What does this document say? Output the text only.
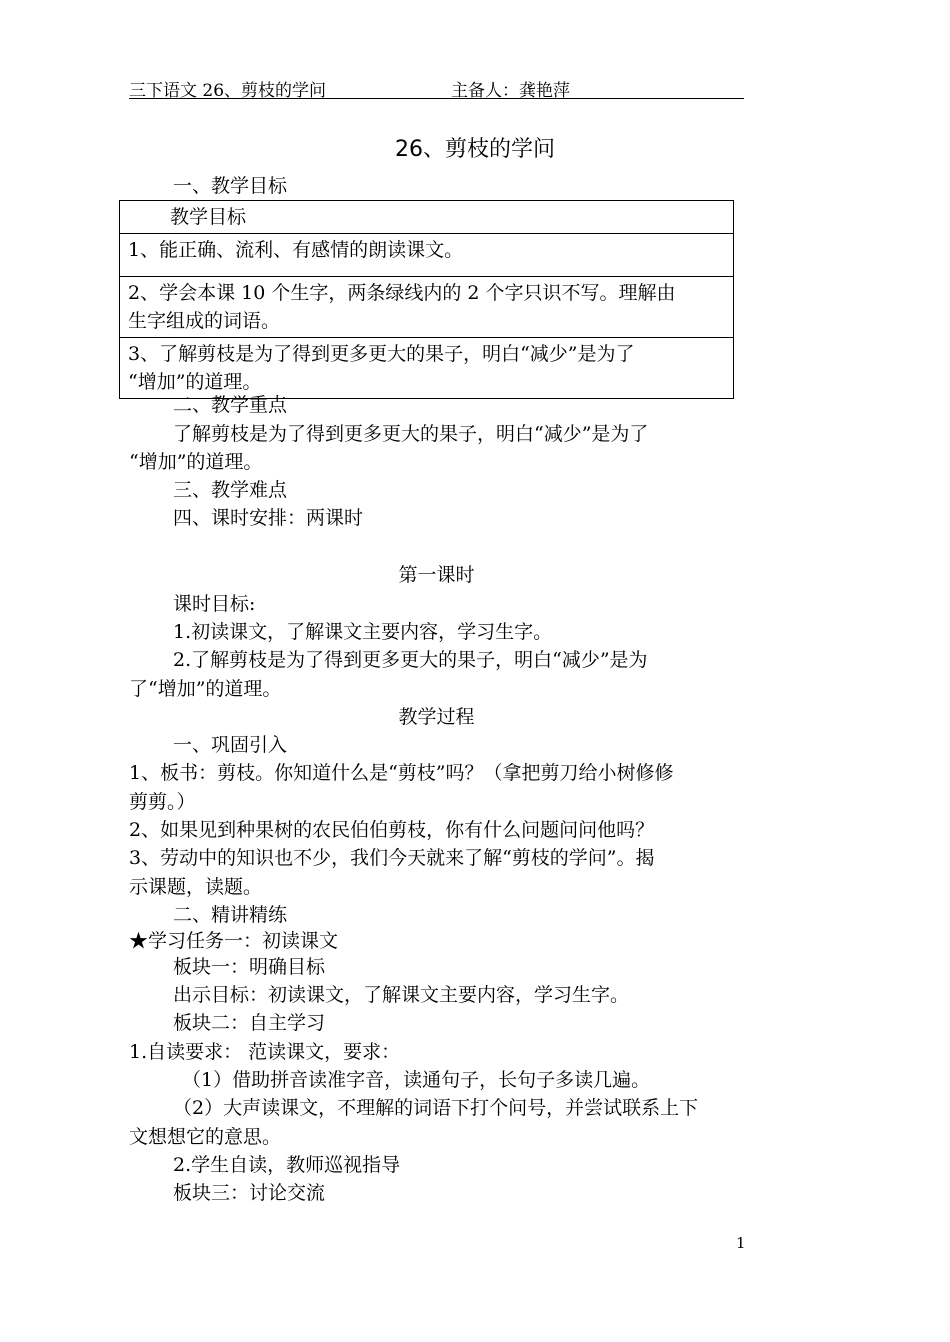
三下语文 26、剪枝的学问	主备人：龚艳萍
26、剪枝的学问
一、教学目标
教学目标
1、能正确、流利、有感情的朗读课文。
2、学会本课 10 个生字，两条绿线内的 2 个字只识不写。理解由
生字组成的词语。
3、了解剪枝是为了得到更多更大的果子，明白“减少”是为了
“增加”的道理。
二、教学重点
了解剪枝是为了得到更多更大的果子，明白“减少”是为了
“增加”的道理。
三、教学难点
四、课时安排：两课时
第一课时
课时目标:
1.初读课文，了解课文主要内容，学习生字。
2.了解剪枝是为了得到更多更大的果子，明白“减少”是为
了“增加”的道理。
教学过程
一、巩固引入
1、板书：剪枝。你知道什么是“剪枝”吗？（拿把剪刀给小树修修
剪剪。）
2、如果见到种果树的农民伯伯剪枝，你有什么问题问问他吗？
3、劳动中的知识也不少，我们今天就来了解“剪枝的学问”。揭
示课题，读题。
二、精讲精练
★学习任务一：初读课文
板块一：明确目标
出示目标：初读课文，了解课文主要内容，学习生字。
板块二：自主学习
1.自读要求： 范读课文，要求：
（1）借助拼音读准字音，读通句子，长句子多读几遍。
（2）大声读课文，不理解的词语下打个问号，并尝试联系上下
文想想它的意思。
2.学生自读，教师巡视指导
板块三：讨论交流
1
